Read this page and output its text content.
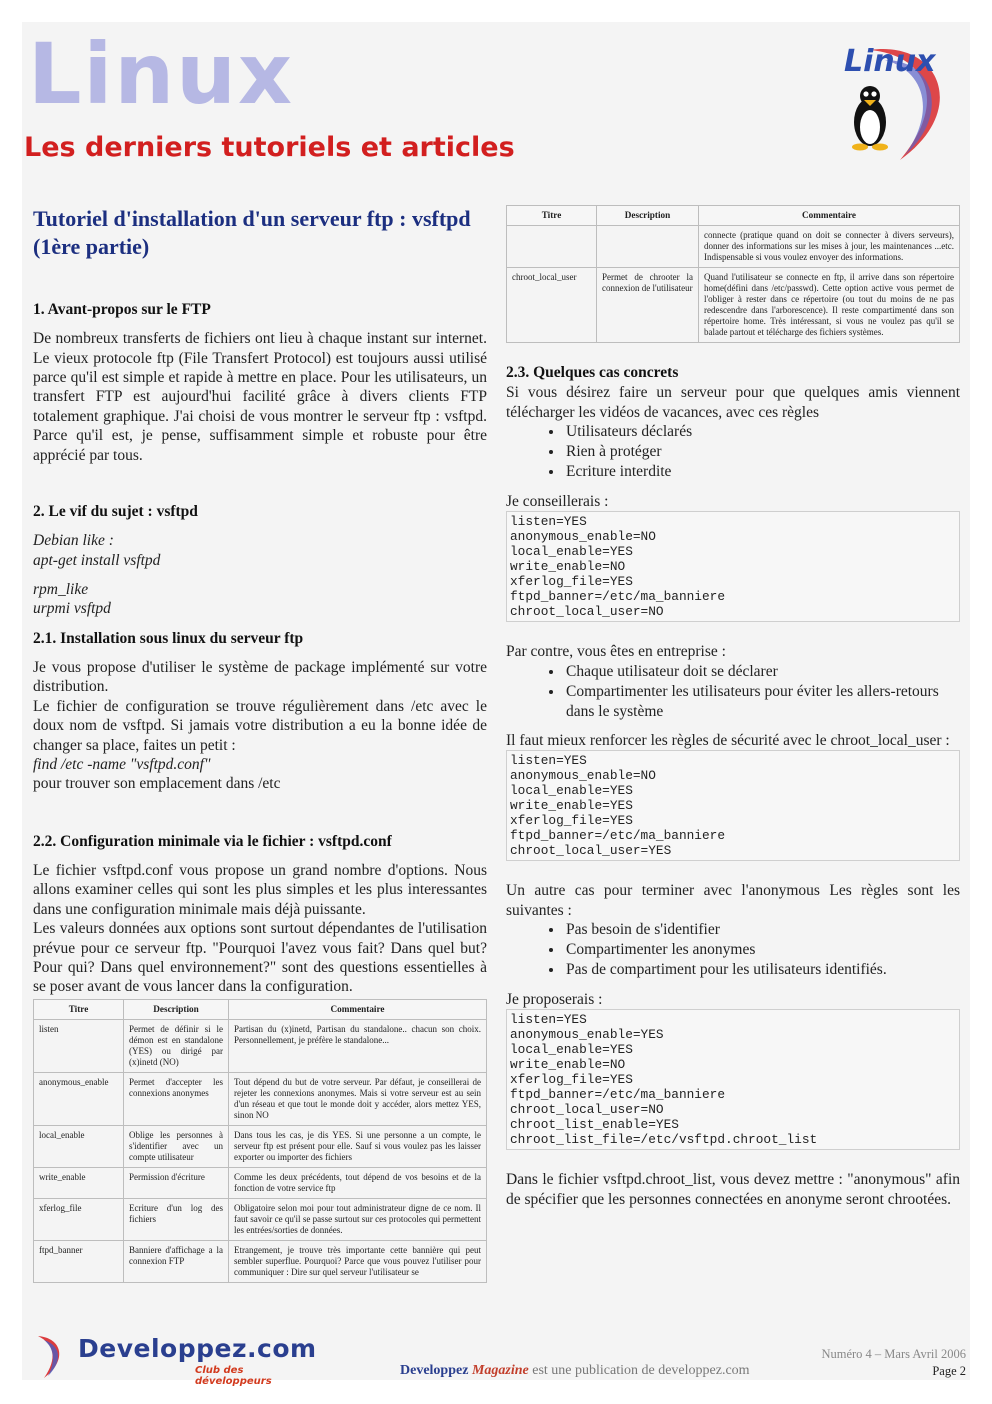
Linux
Les derniers tutoriels et articles
Linux
Tutoriel d'installation d'un serveur ftp : vsftpd (1ère partie)
1. Avant-propos sur le FTP

De nombreux transferts de fichiers ont lieu à chaque instant sur internet. Le vieux protocole ftp (File Transfert Protocol) est toujours aussi utilisé parce qu'il est simple et rapide à mettre en place. Pour les utilisateurs, un transfert FTP est aujourd'hui facilité grâce à divers clients FTP totalement graphique. J'ai choisi de vous montrer le serveur ftp : vsftpd. Parce qu'il est, je pense, suffisamment simple et robuste pour être apprécié par tous.

2. Le vif du sujet : vsftpd

Debian like :

apt-get install vsftpd

rpm_like

urpmi vsftpd

2.1. Installation sous linux du serveur ftp

Je vous propose d'utiliser le système de package implémenté sur votre distribution.

Le fichier de configuration se trouve régulièrement dans /etc avec le doux nom de vsftpd. Si jamais votre distribution a eu la bonne idée de changer sa place, faites un petit :

find /etc -name "vsftpd.conf"

pour trouver son emplacement dans /etc

2.2. Configuration minimale via le fichier : vsftpd.conf

Le fichier vsftpd.conf vous propose un grand nombre d'options. Nous allons examiner celles qui sont les plus simples et les plus interessantes dans une configuration minimale mais déjà puissante.

Les valeurs données aux options sont surtout dépendantes de l'utilisation prévue pour ce serveur ftp. "Pourquoi l'avez vous fait? Dans quel but? Pour qui? Dans quel environnement?" sont des questions essentielles à se poser avant de vous lancer dans la configuration.

Titre	Description	Commentaire
listen	Permet de définir si le démon est en standalone (YES) ou dirigé par (x)inetd (NO)	Partisan du (x)inetd, Partisan du standalone.. chacun son choix. Personnellement, je préfère le standalone...
anonymous_enable	Permet d'accepter les connexions anonymes	Tout dépend du but de votre serveur. Par défaut, je conseillerai de rejeter les connexions anonymes. Mais si votre serveur est au sein d'un réseau et que tout le monde doit y accéder, alors mettez YES, sinon NO
local_enable	Oblige les personnes à s'identifier avec un compte utilisateur	Dans tous les cas, je dis YES. Si une personne a un compte, le serveur ftp est présent pour elle. Sauf si vous voulez pas les laisser exporter ou importer des fichiers
write_enable	Permission d'écriture	Comme les deux précédents, tout dépend de vos besoins et de la fonction de votre service ftp
xferlog_file	Ecriture d'un log des fichiers	Obligatoire selon moi pour tout administrateur digne de ce nom. Il faut savoir ce qu'il se passe surtout sur ces protocoles qui permettent les entrées/sorties de données.
ftpd_banner	Banniere d'affichage a la connexion FTP	Etrangement, je trouve très importante cette bannière qui peut sembler superflue. Pourquoi? Parce que vous pouvez l'utiliser pour communiquer : Dire sur quel serveur l'utilisateur se
Titre	Description	Commentaire
		connecte (pratique quand on doit se connecter à divers serveurs), donner des informations sur les mises à jour, les maintenances ...etc. Indispensable si vous voulez envoyer des informations.
chroot_local_user	Permet de chrooter la connexion de l'utilisateur	Quand l'utilisateur se connecte en ftp, il arrive dans son répertoire home(défini dans /etc/passwd). Cette option active vous permet de l'obliger à rester dans ce répertoire (ou tout du moins de ne pas redescendre dans l'arborescence). Il reste compartimenté dans son répertoire home. Très intéressant, si vous ne voulez pas qu'il se balade partout et télécharge des fichiers systèmes.
2.3. Quelques cas concrets

Si vous désirez faire un serveur pour que quelques amis viennent télécharger les vidéos de vacances, avec ces règles

• Utilisateurs déclarés
• Rien à protéger
• Ecriture interdite

Je conseillerais :

listen=YES
anonymous_enable=NO
local_enable=YES
write_enable=NO
xferlog_file=YES
ftpd_banner=/etc/ma_banniere
chroot_local_user=NO

Par contre, vous êtes en entreprise :

• Chaque utilisateur doit se déclarer
• Compartimenter les utilisateurs pour éviter les allers-retours dans le système

Il faut mieux renforcer les règles de sécurité avec le chroot_local_user :

listen=YES
anonymous_enable=NO
local_enable=YES
write_enable=YES
xferlog_file=YES
ftpd_banner=/etc/ma_banniere
chroot_local_user=YES

Un autre cas pour terminer avec l'anonymous Les règles sont les suivantes :

• Pas besoin de s'identifier
• Compartimenter les anonymes
• Pas de compartiment pour les utilisateurs identifiés.

Je proposerais :

listen=YES
anonymous_enable=YES
local_enable=YES
write_enable=NO
xferlog_file=YES
ftpd_banner=/etc/ma_banniere
chroot_local_user=NO
chroot_list_enable=YES
chroot_list_file=/etc/vsftpd.chroot_list

Dans le fichier vsftpd.chroot_list, vous devez mettre : "anonymous" afin de spécifier que les personnes connectées en anonyme seront chrootées.

Developpez.com
Club des développeurs
Developpez Magazine est une publication de developpez.com
Numéro 4 – Mars Avril 2006
Page 2
